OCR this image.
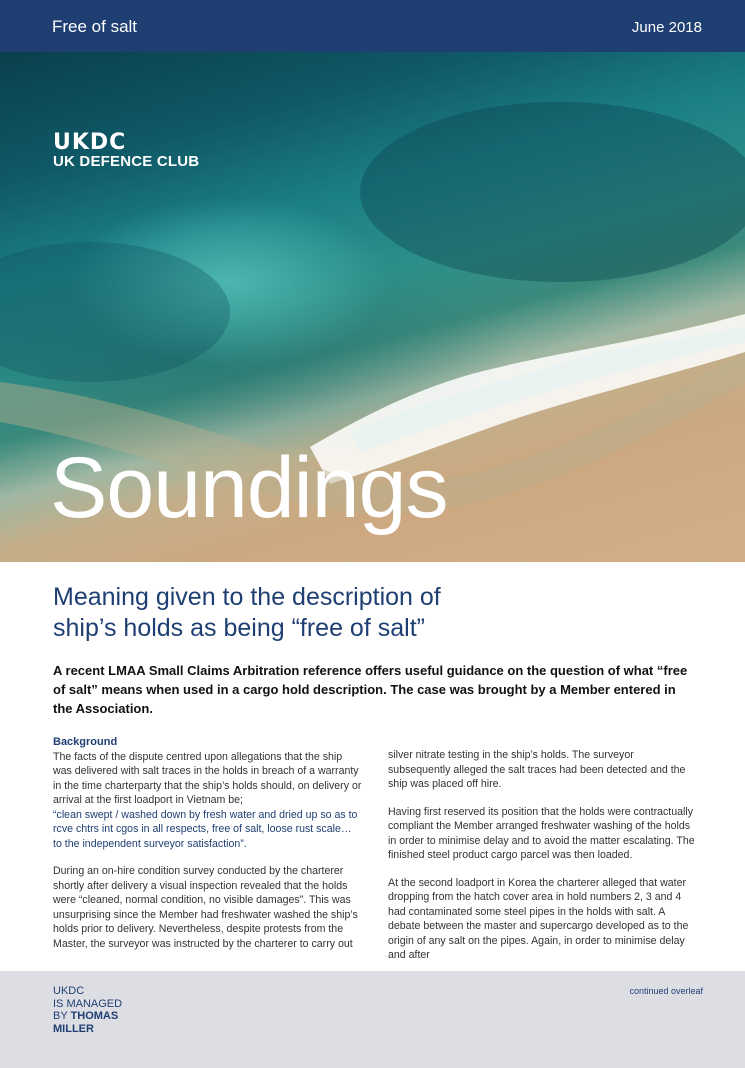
Free of salt	June 2018
UKDC
UK DEFENCE CLUB
Soundings
Meaning given to the description of
ship’s holds as being “free of salt”
A recent LMAA Small Claims Arbitration reference offers useful guidance on the question of what “free of salt” means when used in a cargo hold description. The case was brought by a Member entered in the Association.
Background
The facts of the dispute centred upon allegations that the ship was delivered with salt traces in the holds in breach of a warranty in the time charterparty that the ship’s holds should, on delivery or arrival at the first loadport in Vietnam be;

“clean swept / washed down by fresh water and dried up so as to rcve chtrs int cgos in all respects, free of salt, loose rust scale… to the independent surveyor satisfaction”.

During an on-hire condition survey conducted by the charterer shortly after delivery a visual inspection revealed that the holds were “cleaned, normal condition, no visible damages”. This was unsurprising since the Member had freshwater washed the ship’s holds prior to delivery. Nevertheless, despite protests from the Master, the surveyor was instructed by the charterer to carry out

silver nitrate testing in the ship’s holds. The surveyor subsequently alleged the salt traces had been detected and the ship was placed off hire.

Having first reserved its position that the holds were contractually compliant the Member arranged freshwater washing of the holds in order to minimise delay and to avoid the matter escalating. The finished steel product cargo parcel was then loaded.

At the second loadport in Korea the charterer alleged that water dropping from the hatch cover area in hold numbers 2, 3 and 4 had contaminated some steel pipes in the holds with salt. A debate between the master and supercargo developed as to the origin of any salt on the pipes. Again, in order to minimise delay and after

UKDC
IS MANAGED
BY THOMAS
MILLER
continued overleaf
